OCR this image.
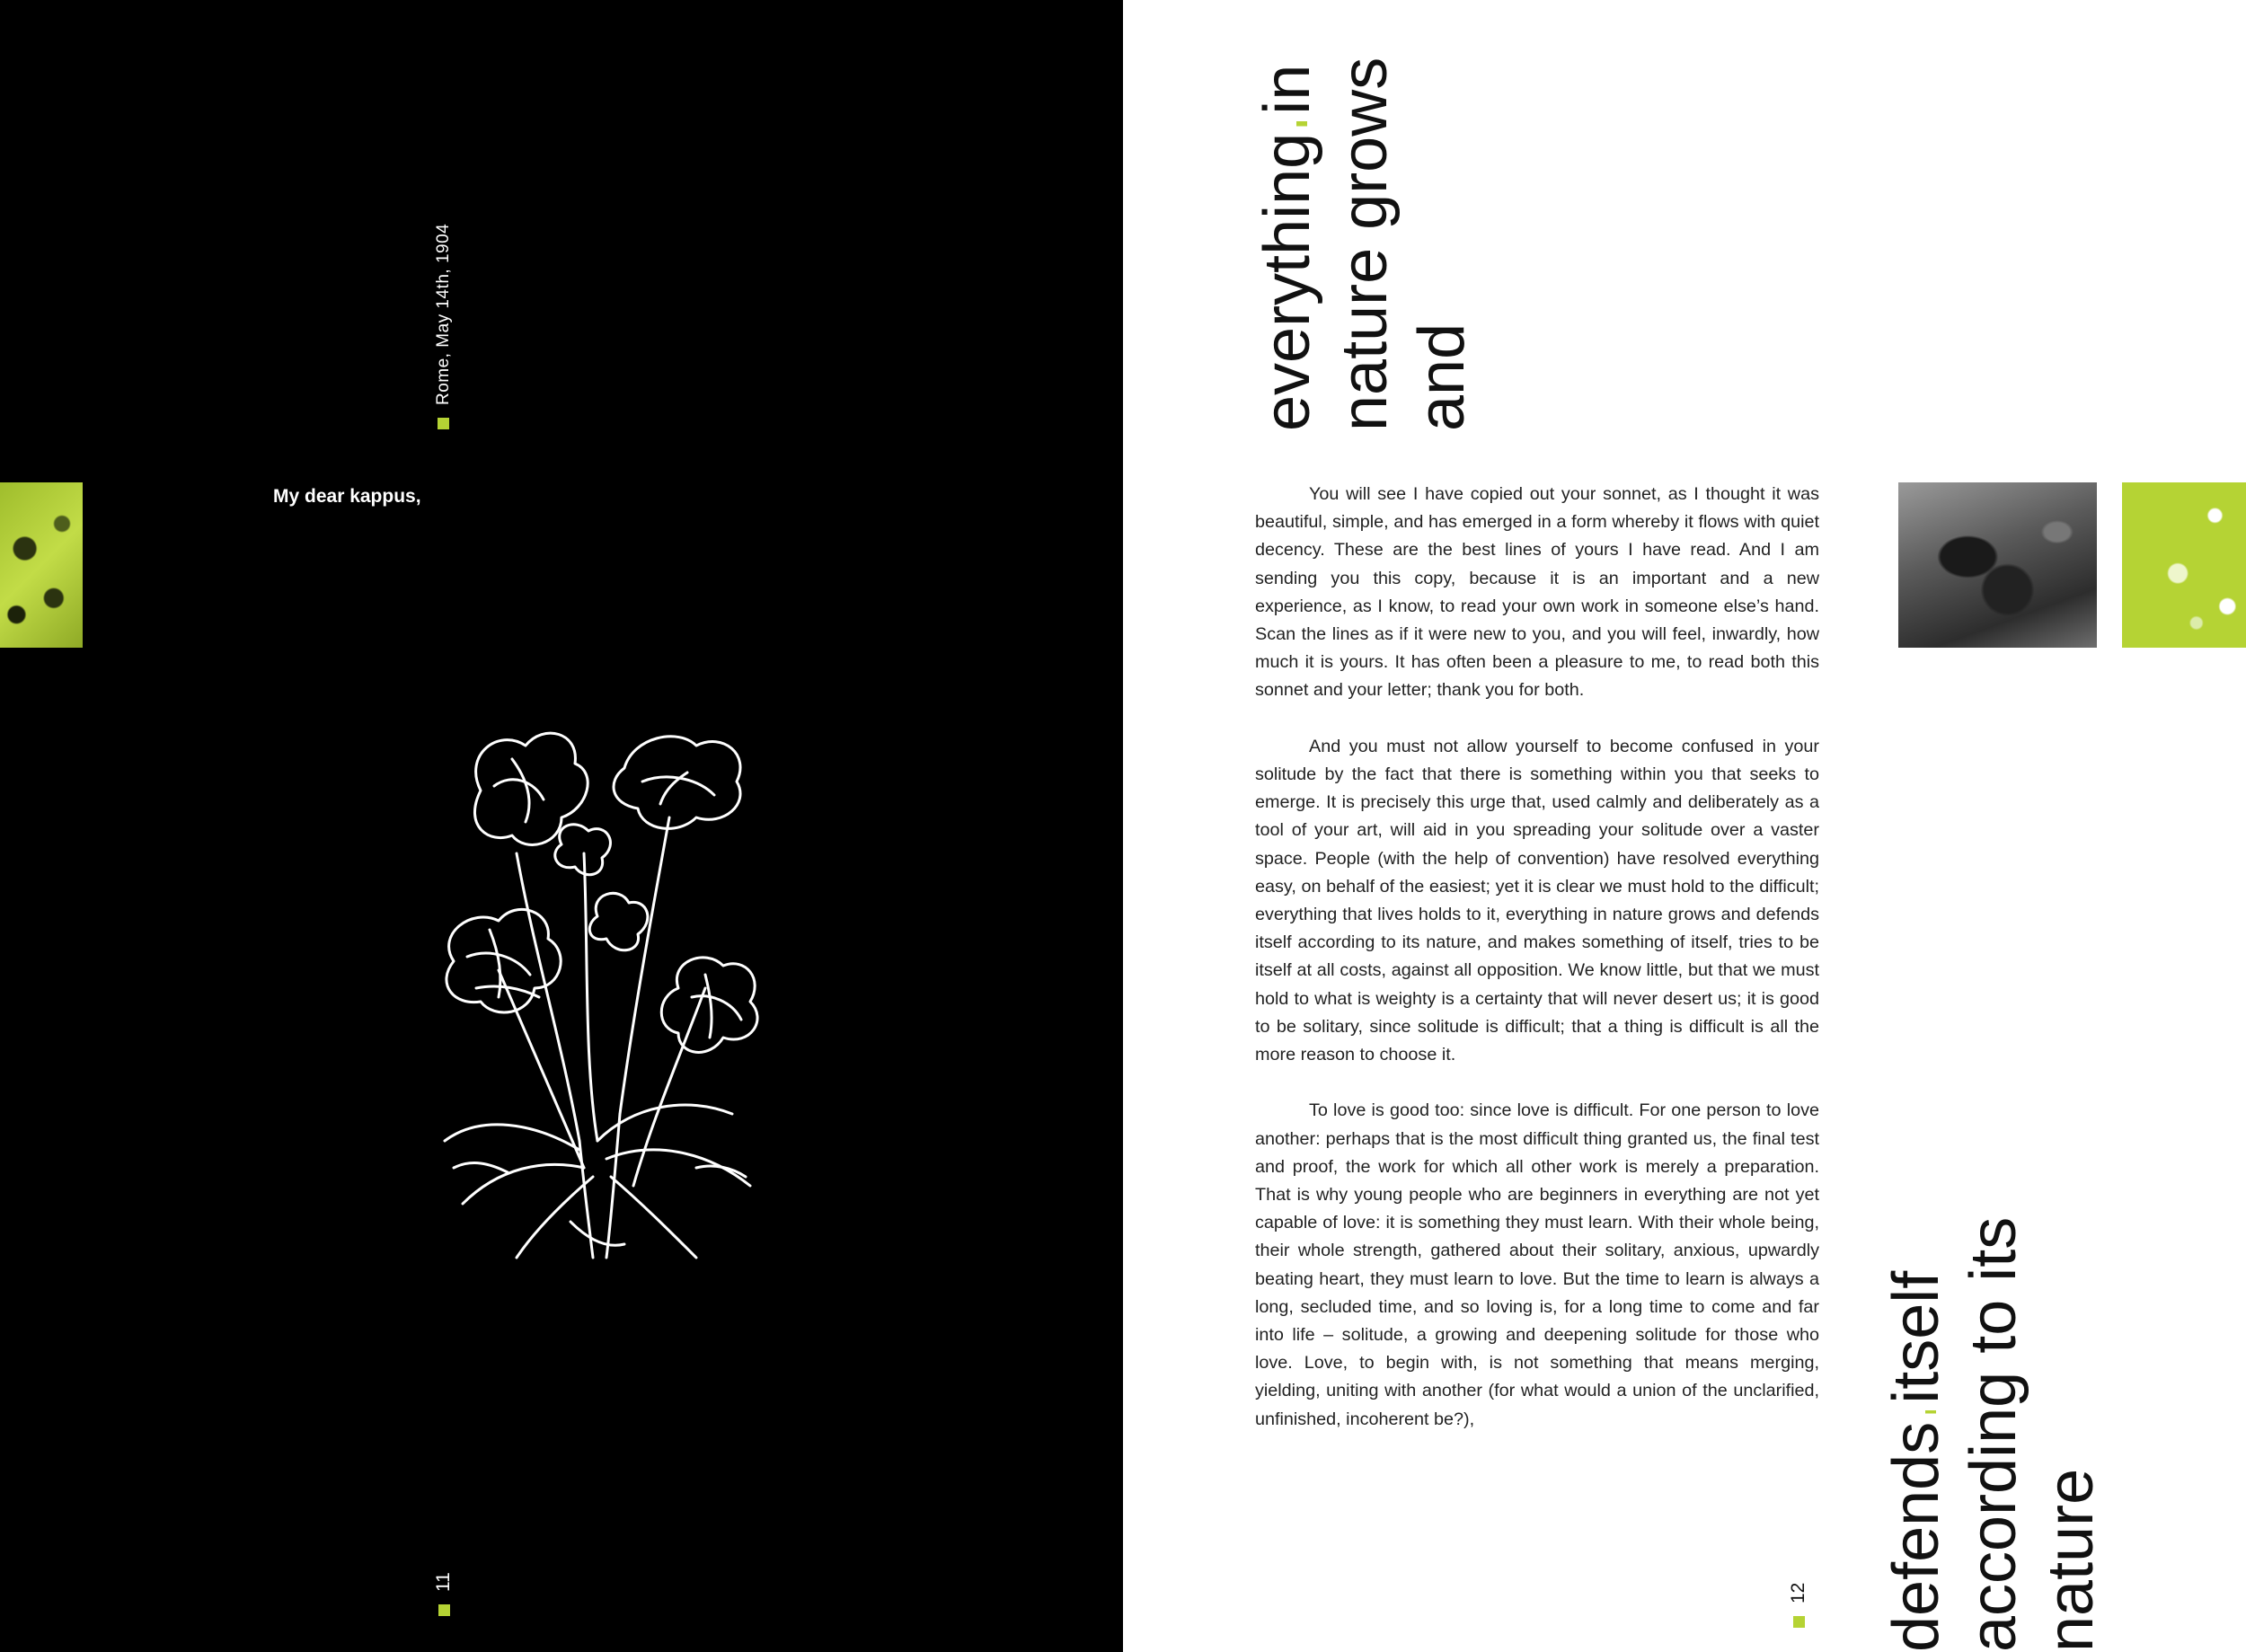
Rome, May 14th, 1904
My dear kappus,
11
everything in nature grows and

You will see I have copied out your sonnet, as I thought it was beautiful, simple, and has emerged in a form whereby it flows with quiet decency. These are the best lines of yours I have read. And I am sending you this copy, because it is an important and a new experience, as I know, to read your own work in someone else’s hand. Scan the lines as if it were new to you, and you will feel, inwardly, how much it is yours. It has often been a pleasure to me, to read both this sonnet and your letter; thank you for both.

And you must not allow yourself to become confused in your solitude by the fact that there is something within you that seeks to emerge. It is precisely this urge that, used calmly and deliberately as a tool of your art, will aid in you spreading your solitude over a vaster space. People (with the help of convention) have resolved everything easy, on behalf of the easiest; yet it is clear we must hold to the difficult; everything that lives holds to it, everything in nature grows and defends itself according to its nature, and makes something of itself, tries to be itself at all costs, against all opposition. We know little, but that we must hold to what is weighty is a certainty that will never desert us; it is good to be solitary, since solitude is difficult; that a thing is difficult is all the more reason to choose it.

To love is good too: since love is difficult. For one person to love another: perhaps that is the most difficult thing granted us, the final test and proof, the work for which all other work is merely a preparation. That is why young people who are beginners in everything are not yet capable of love: it is something they must learn. With their whole being, their whole strength, gathered about their solitary, anxious, upwardly beating heart, they must learn to love. But the time to learn is always a long, secluded time, and so loving is, for a long time to come and far into life – solitude, a growing and deepening solitude for those who love. Love, to begin with, is not something that means merging, yielding, uniting with another (for what would a union of the unclarified, unfinished, incoherent be?),

12 defends itself according to its nature
